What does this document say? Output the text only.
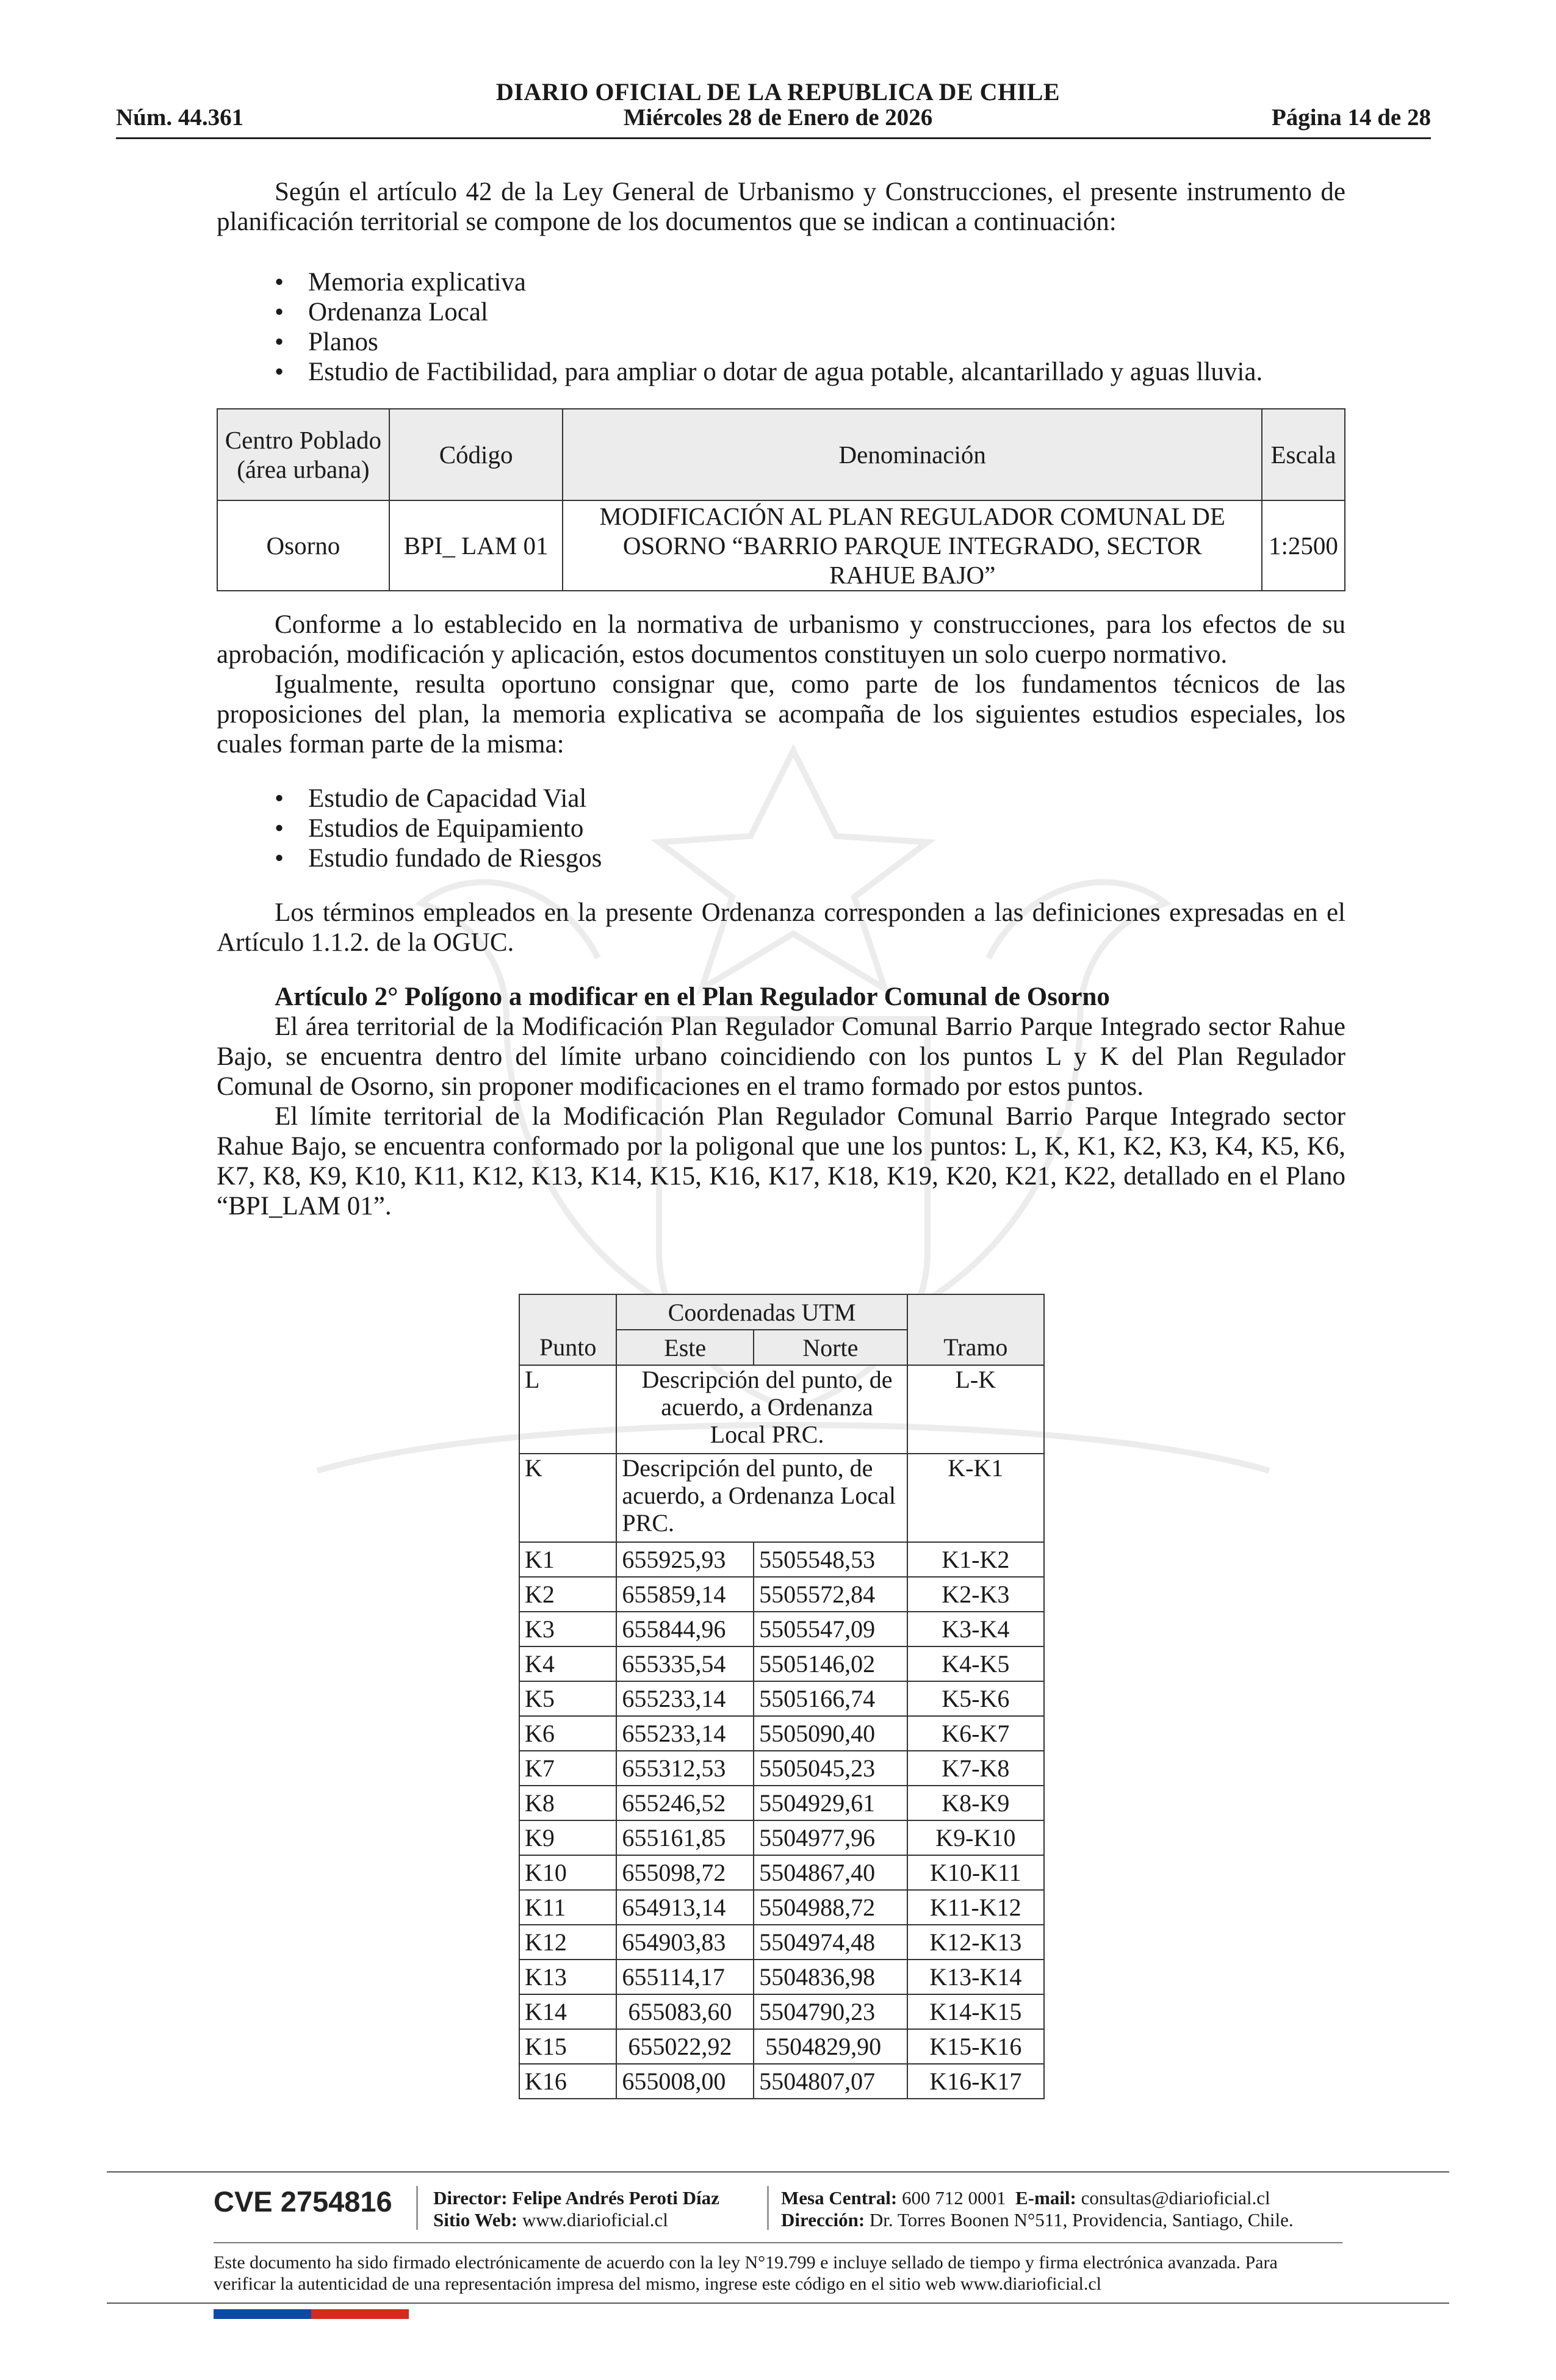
Núm. 44.361
DIARIO OFICIAL DE LA REPUBLICA DE CHILE
Miércoles 28 de Enero de 2026	Página 14 de 28

Según el artículo 42 de la Ley General de Urbanismo y Construcciones, el presente instrumento de planificación territorial se compone de los documentos que se indican a continuación:

• Memoria explicativa
• Ordenanza Local
• Planos
• Estudio de Factibilidad, para ampliar o dotar de agua potable, alcantarillado y aguas lluvia.
Centro Poblado (área urbana)	Código	Denominación	Escala
Osorno	BPI_ LAM 01	MODIFICACIÓN AL PLAN REGULADOR COMUNAL DE OSORNO “BARRIO PARQUE INTEGRADO, SECTOR RAHUE BAJO”	1:2500

Conforme a lo establecido en la normativa de urbanismo y construcciones, para los efectos de su aprobación, modificación y aplicación, estos documentos constituyen un solo cuerpo normativo.

Igualmente, resulta oportuno consignar que, como parte de los fundamentos técnicos de las proposiciones del plan, la memoria explicativa se acompaña de los siguientes estudios especiales, los cuales forman parte de la misma:

• Estudio de Capacidad Vial
• Estudios de Equipamiento
• Estudio fundado de Riesgos

Los términos empleados en la presente Ordenanza corresponden a las definiciones expresadas en el Artículo 1.1.2. de la OGUC.

Artículo 2° Polígono a modificar en el Plan Regulador Comunal de Osorno

El área territorial de la Modificación Plan Regulador Comunal Barrio Parque Integrado sector Rahue Bajo, se encuentra dentro del límite urbano coincidiendo con los puntos L y K del Plan Regulador Comunal de Osorno, sin proponer modificaciones en el tramo formado por estos puntos.

El límite territorial de la Modificación Plan Regulador Comunal Barrio Parque Integrado sector Rahue Bajo, se encuentra conformado por la poligonal que une los puntos: L, K, K1, K2, K3, K4, K5, K6, K7, K8, K9, K10, K11, K12, K13, K14, K15, K16, K17, K18, K19, K20, K21, K22, detallado en el Plano “BPI_LAM 01”.

	Coordenadas UTM		
Punto	Este	Norte	Tramo
L	Descripción del punto, de acuerdo, a Ordenanza Local PRC.		L-K
K	Descripción del punto, de acuerdo, a Ordenanza Local PRC.		K-K1
K1	655925,93	5505548,53	K1-K2
K2	655859,14	5505572,84	K2-K3
K3	655844,96	5505547,09	K3-K4
K4	655335,54	5505146,02	K4-K5
K5	655233,14	5505166,74	K5-K6
K6	655233,14	5505090,40	K6-K7
K7	655312,53	5505045,23	K7-K8
K8	655246,52	5504929,61	K8-K9
K9	655161,85	5504977,96	K9-K10
K10	655098,72	5504867,40	K10-K11
K11	654913,14	5504988,72	K11-K12
K12	654903,83	5504974,48	K12-K13
K13	655114,17	5504836,98	K13-K14
K14	655083,60	5504790,23	K14-K15
K15	655022,92	5504829,90	K15-K16
K16	655008,00	5504807,07	K16-K17
CVE 2754816 Director: Felipe Andrés Peroti Díaz
Sitio Web: www.diarioficial.cl
Mesa Central: 600 712 0001 E-mail: consultas@diarioficial.cl
Dirección: Dr. Torres Boonen N°511, Providencia, Santiago, Chile.
Este documento ha sido firmado electrónicamente de acuerdo con la ley N°19.799 e incluye sellado de tiempo y firma electrónica avanzada. Para verificar la autenticidad de una representación impresa del mismo, ingrese este código en el sitio web www.diarioficial.cl
